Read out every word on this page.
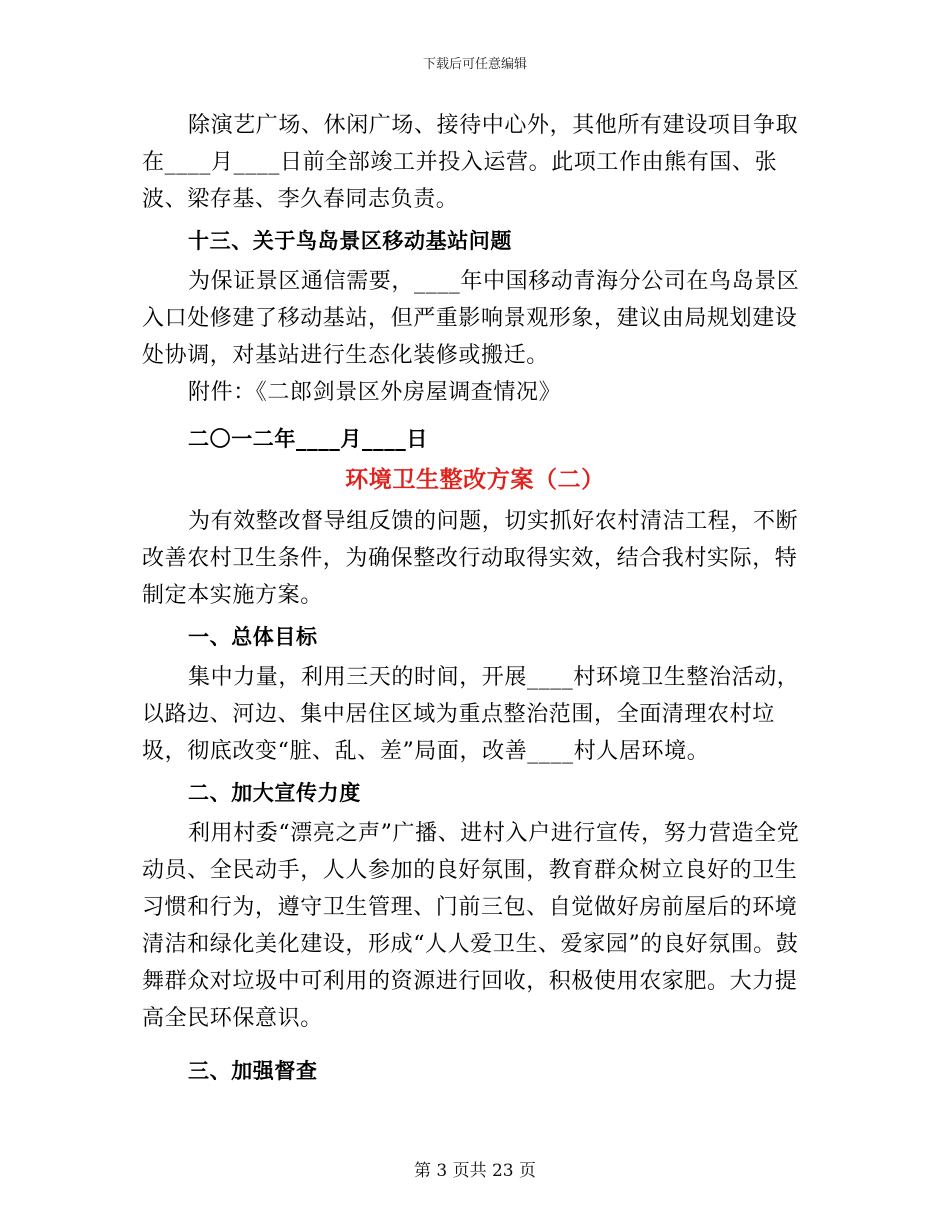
下载后可任意编辑

除演艺广场、休闲广场、接待中心外，其他所有建设项目争取在____月____日前全部竣工并投入运营。此项工作由熊有国、张波、梁存基、李久春同志负责。

十三、关于鸟岛景区移动基站问题

为保证景区通信需要，____年中国移动青海分公司在鸟岛景区入口处修建了移动基站，但严重影响景观形象，建议由局规划建设处协调，对基站进行生态化装修或搬迁。

附件：《二郎剑景区外房屋调查情况》

二〇一二年____月____日

环境卫生整改方案（二）

为有效整改督导组反馈的问题，切实抓好农村清洁工程，不断改善农村卫生条件，为确保整改行动取得实效，结合我村实际，特制定本实施方案。

一、总体目标

集中力量，利用三天的时间，开展____村环境卫生整治活动，以路边、河边、集中居住区域为重点整治范围，全面清理农村垃圾，彻底改变“脏、乱、差”局面，改善____村人居环境。

二、加大宣传力度

利用村委“漂亮之声”广播、进村入户进行宣传，努力营造全党动员、全民动手，人人参加的良好氛围，教育群众树立良好的卫生习惯和行为，遵守卫生管理、门前三包、自觉做好房前屋后的环境清洁和绿化美化建设，形成“人人爱卫生、爱家园”的良好氛围。鼓舞群众对垃圾中可利用的资源进行回收，积极使用农家肥。大力提高全民环保意识。

三、加强督查

第 3 页共 23 页
